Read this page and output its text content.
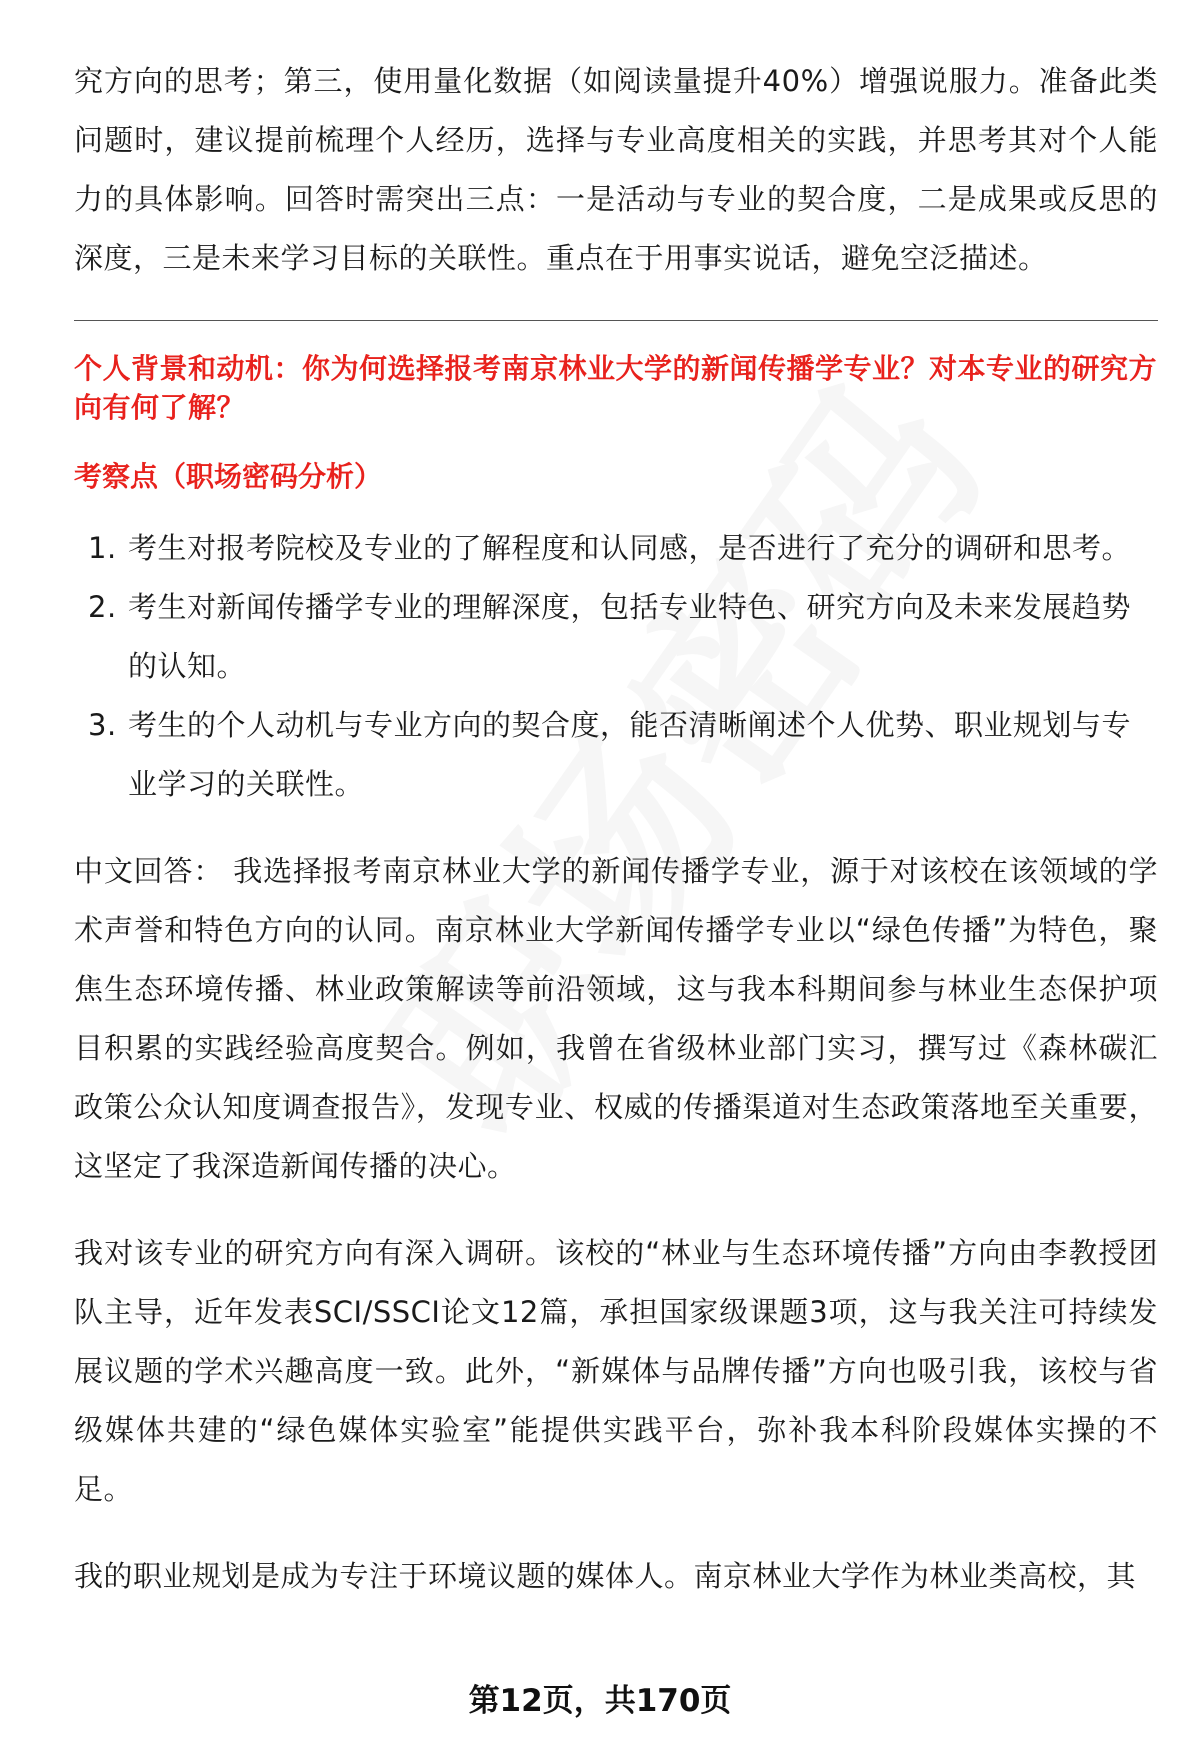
究方向的思考；第三，使用量化数据（如阅读量提升40%）增强说服力。准备此类问题时，建议提前梳理个人经历，选择与专业高度相关的实践，并思考其对个人能力的具体影响。回答时需突出三点：一是活动与专业的契合度，二是成果或反思的深度，三是未来学习目标的关联性。重点在于用事实说话，避免空泛描述。

个人背景和动机：你为何选择报考南京林业大学的新闻传播学专业？对本专业的研究方向有何了解？

考察点（职场密码分析）
1. 考生对报考院校及专业的了解程度和认同感，是否进行了充分的调研和思考。
2. 考生对新闻传播学专业的理解深度，包括专业特色、研究方向及未来发展趋势的认知。
3. 考生的个人动机与专业方向的契合度，能否清晰阐述个人优势、职业规划与专业学习的关联性。

中文回答： 我选择报考南京林业大学的新闻传播学专业，源于对该校在该领域的学术声誉和特色方向的认同。南京林业大学新闻传播学专业以“绿色传播”为特色，聚焦生态环境传播、林业政策解读等前沿领域，这与我本科期间参与林业生态保护项目积累的实践经验高度契合。例如，我曾在省级林业部门实习，撰写过《森林碳汇政策公众认知度调查报告》，发现专业、权威的传播渠道对生态政策落地至关重要，这坚定了我深造新闻传播的决心。

我对该专业的研究方向有深入调研。该校的“林业与生态环境传播”方向由李教授团队主导，近年发表SCI/SSCI论文12篇，承担国家级课题3项，这与我关注可持续发展议题的学术兴趣高度一致。此外，“新媒体与品牌传播”方向也吸引我，该校与省级媒体共建的“绿色媒体实验室”能提供实践平台，弥补我本科阶段媒体实操的不足。

我的职业规划是成为专注于环境议题的媒体人。南京林业大学作为林业类高校，其

第12页，共170页
